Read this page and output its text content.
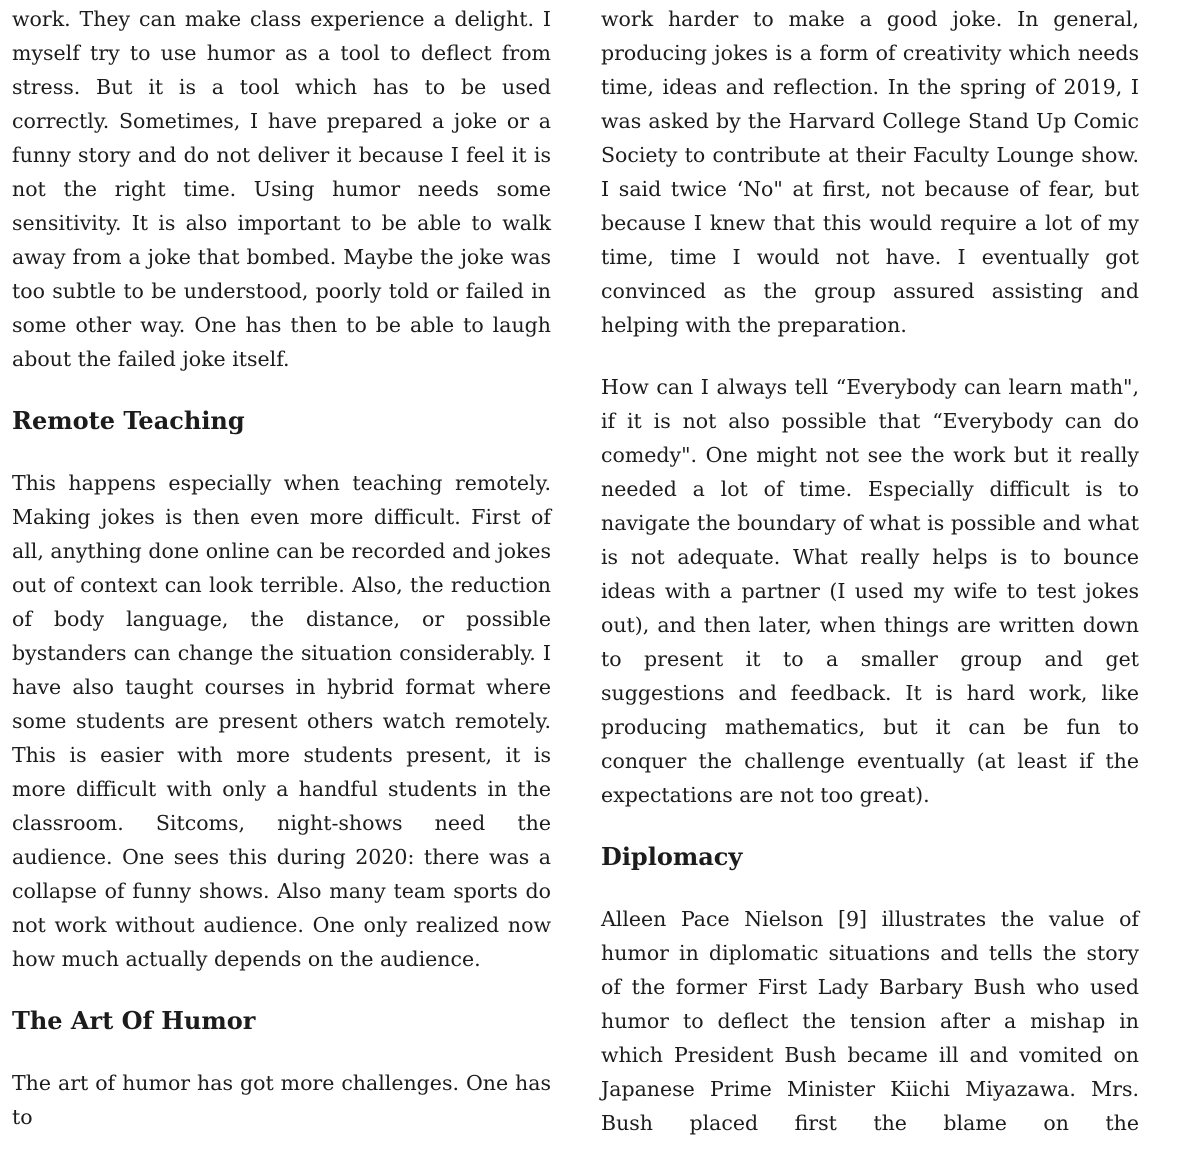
work. They can make class experience a delight. I myself try to use humor as a tool to deflect from stress. But it is a tool which has to be used correctly. Sometimes, I have prepared a joke or a funny story and do not deliver it because I feel it is not the right time. Using humor needs some sensitivity. It is also important to be able to walk away from a joke that bombed. Maybe the joke was too subtle to be understood, poorly told or failed in some other way. One has then to be able to laugh about the failed joke itself.

Remote Teaching

This happens especially when teaching remotely. Making jokes is then even more difficult. First of all, anything done online can be recorded and jokes out of context can look terrible. Also, the reduction of body language, the distance, or possible bystanders can change the situation considerably. I have also taught courses in hybrid format where some students are present others watch remotely. This is easier with more students present, it is more difficult with only a handful students in the classroom. Sitcoms, night-shows need the audience. One sees this during 2020: there was a collapse of funny shows. Also many team sports do not work without audience. One only realized now how much actually depends on the audience.

The Art Of Humor

The art of humor has got more challenges. One has to

work harder to make a good joke. In general, producing jokes is a form of creativity which needs time, ideas and reflection. In the spring of 2019, I was asked by the Harvard College Stand Up Comic Society to contribute at their Faculty Lounge show. I said twice ‘No" at first, not because of fear, but because I knew that this would require a lot of my time, time I would not have. I eventually got convinced as the group assured assisting and helping with the preparation.

How can I always tell “Everybody can learn math", if it is not also possible that “Everybody can do comedy". One might not see the work but it really needed a lot of time. Especially difficult is to navigate the boundary of what is possible and what is not adequate. What really helps is to bounce ideas with a partner (I used my wife to test jokes out), and then later, when things are written down to present it to a smaller group and get suggestions and feedback. It is hard work, like producing mathematics, but it can be fun to conquer the challenge eventually (at least if the expectations are not too great).

Diplomacy

Alleen Pace Nielson [9] illustrates the value of humor in diplomatic situations and tells the story of the former First Lady Barbary Bush who used humor to deflect the tension after a mishap in which President Bush became ill and vomited on Japanese Prime Minister Kiichi Miyazawa. Mrs. Bush placed first the blame on the
